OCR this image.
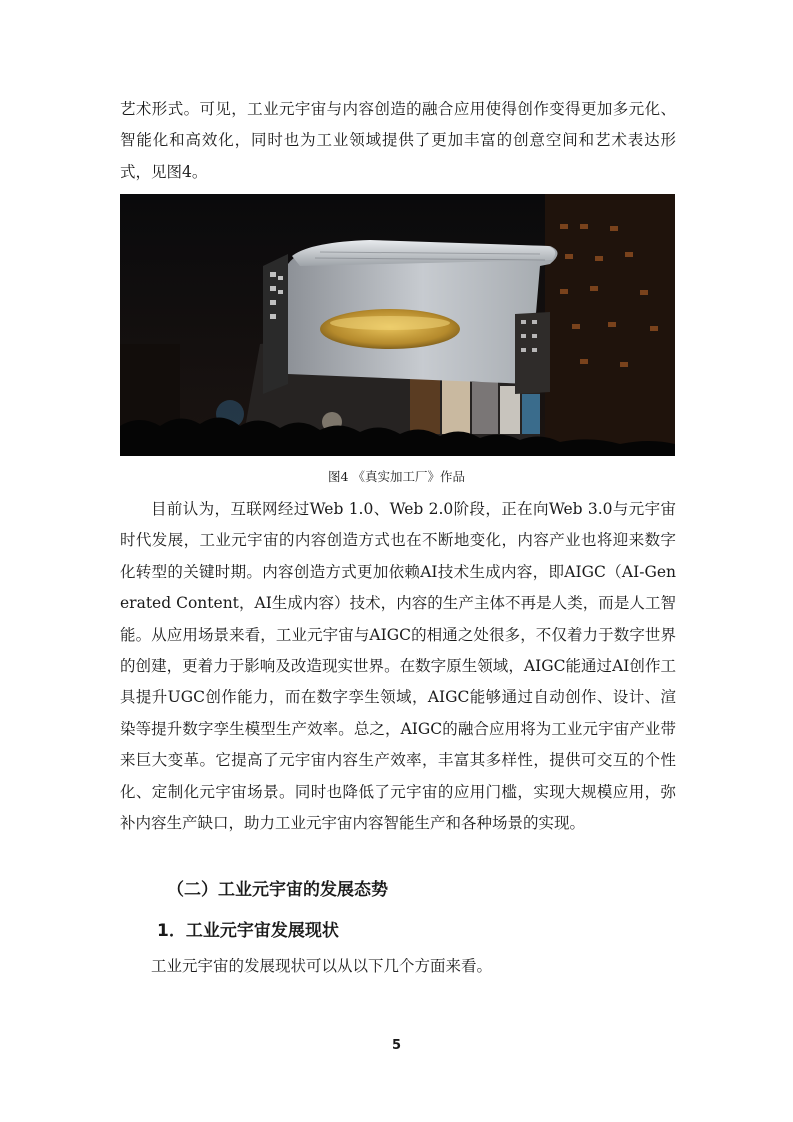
艺术形式。可见，工业元宇宙与内容创造的融合应用使得创作变得更加多元化、智能化和高效化，同时也为工业领域提供了更加丰富的创意空间和艺术表达形式，见图4。

图4 《真实加工厂》作品

目前认为，互联网经过Web 1.0、Web 2.0阶段，正在向Web 3.0与元宇宙时代发展，工业元宇宙的内容创造方式也在不断地变化，内容产业也将迎来数字化转型的关键时期。内容创造方式更加依赖AI技术生成内容，即AIGC（AI-Generated Content，AI生成内容）技术，内容的生产主体不再是人类，而是人工智能。从应用场景来看，工业元宇宙与AIGC的相通之处很多，不仅着力于数字世界的创建，更着力于影响及改造现实世界。在数字原生领域，AIGC能通过AI创作工具提升UGC创作能力，而在数字孪生领域，AIGC能够通过自动创作、设计、渲染等提升数字孪生模型生产效率。总之，AIGC的融合应用将为工业元宇宙产业带来巨大变革。它提高了元宇宙内容生产效率，丰富其多样性，提供可交互的个性化、定制化元宇宙场景。同时也降低了元宇宙的应用门槛，实现大规模应用，弥补内容生产缺口，助力工业元宇宙内容智能生产和各种场景的实现。

（二）工业元宇宙的发展态势
1．工业元宇宙发展现状

工业元宇宙的发展现状可以从以下几个方面来看。

5
